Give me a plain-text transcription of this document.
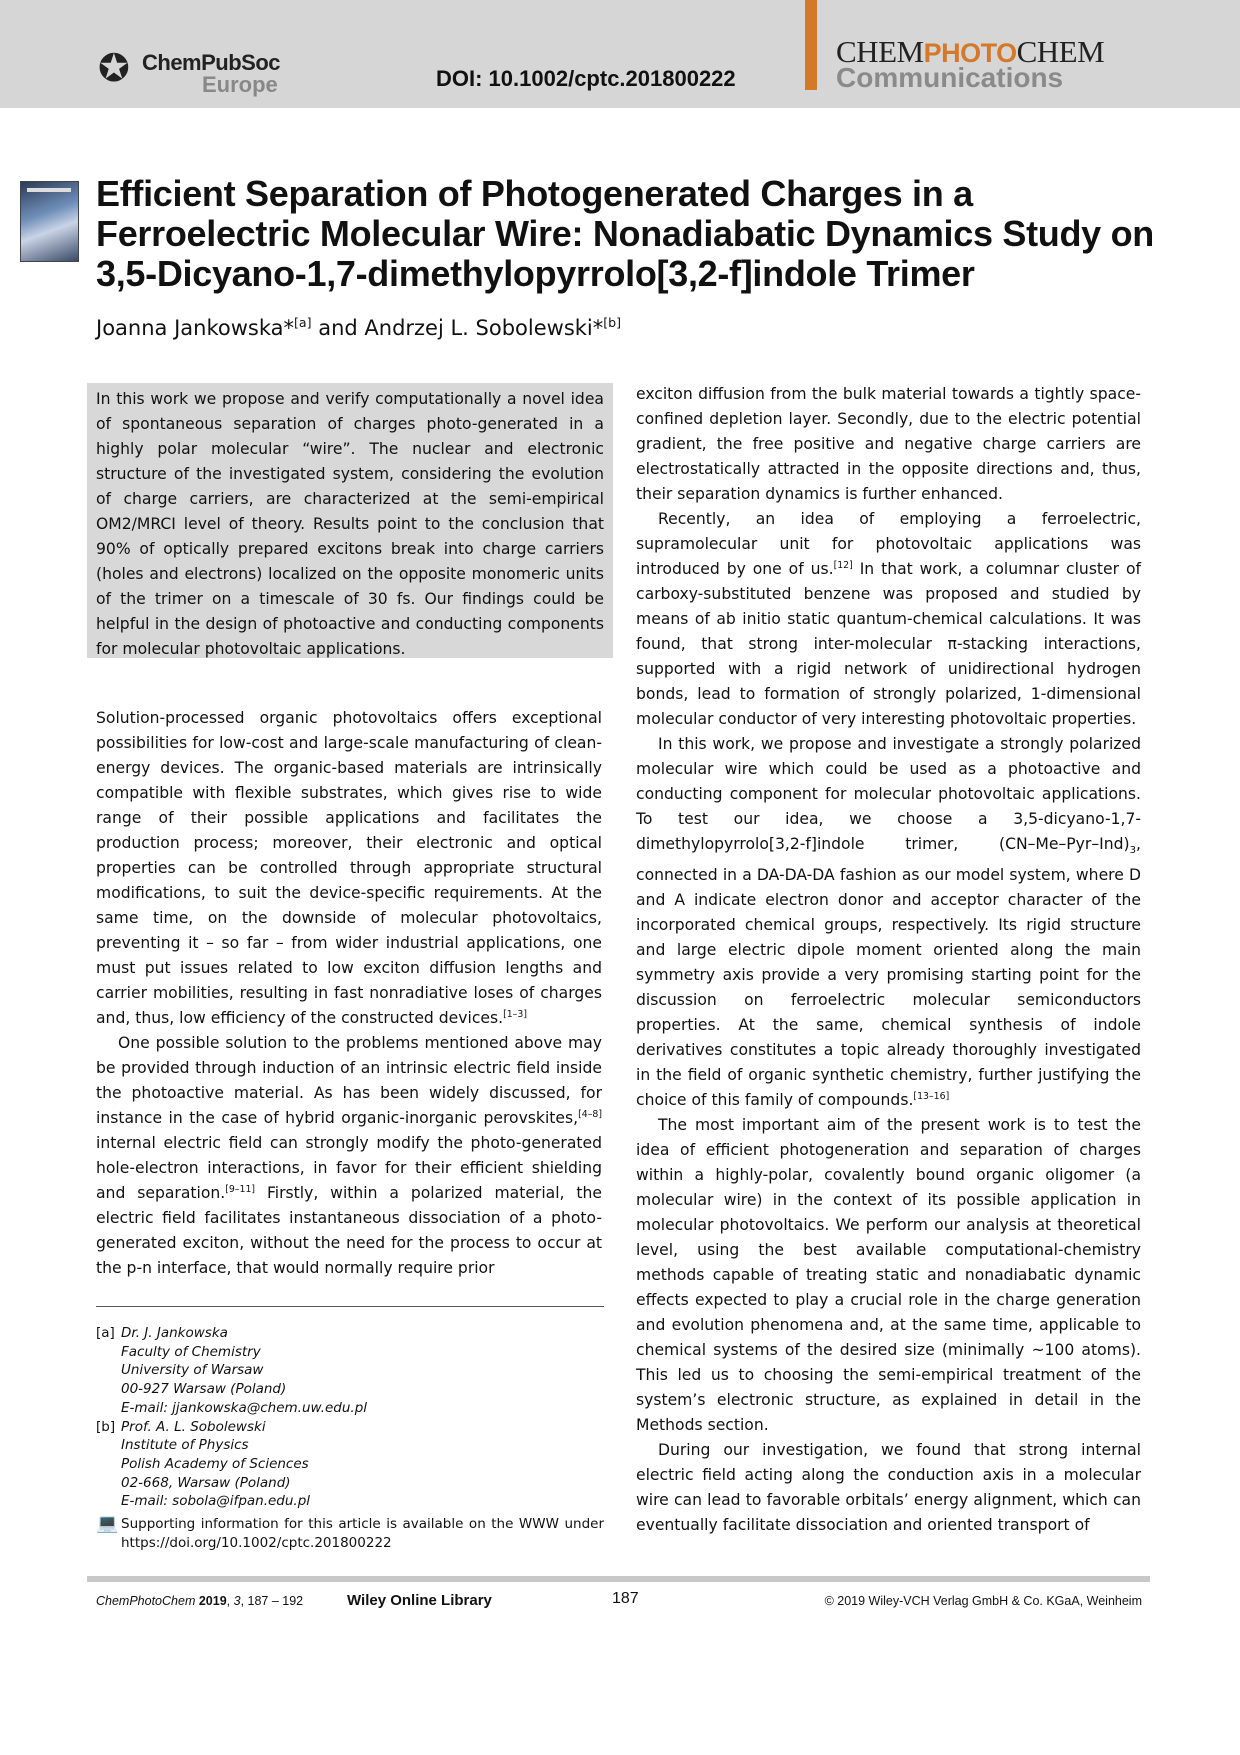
✪ ChemPubSoc
Europe	DOI: 10.1002/cptc.201800222
CHEMPHOTOCHEM
Communications
Efficient Separation of Photogenerated Charges in a Ferroelectric Molecular Wire: Nonadiabatic Dynamics Study on 3,5-Dicyano-1,7-dimethylopyrrolo[3,2-f]indole Trimer
Joanna Jankowska*[a] and Andrzej L. Sobolewski*[b]
In this work we propose and verify computationally a novel idea of spontaneous separation of charges photo-generated in a highly polar molecular “wire”. The nuclear and electronic structure of the investigated system, considering the evolution of charge carriers, are characterized at the semi-empirical OM2/MRCI level of theory. Results point to the conclusion that 90% of optically prepared excitons break into charge carriers (holes and electrons) localized on the opposite monomeric units of the trimer on a timescale of 30 fs. Our findings could be helpful in the design of photoactive and conducting components for molecular photovoltaic applications.

Solution-processed organic photovoltaics offers exceptional possibilities for low-cost and large-scale manufacturing of clean-energy devices. The organic-based materials are intrinsically compatible with flexible substrates, which gives rise to wide range of their possible applications and facilitates the production process; moreover, their electronic and optical properties can be controlled through appropriate structural modifications, to suit the device-specific requirements. At the same time, on the downside of molecular photovoltaics, preventing it – so far – from wider industrial applications, one must put issues related to low exciton diffusion lengths and carrier mobilities, resulting in fast nonradiative loses of charges and, thus, low efficiency of the constructed devices.[1–3]

One possible solution to the problems mentioned above may be provided through induction of an intrinsic electric field inside the photoactive material. As has been widely discussed, for instance in the case of hybrid organic-inorganic perovskites,[4–8] internal electric field can strongly modify the photo-generated hole-electron interactions, in favor for their efficient shielding and separation.[9–11] Firstly, within a polarized material, the electric field facilitates instantaneous dissociation of a photo-generated exciton, without the need for the process to occur at the p-n interface, that would normally require prior

exciton diffusion from the bulk material towards a tightly space-confined depletion layer. Secondly, due to the electric potential gradient, the free positive and negative charge carriers are electrostatically attracted in the opposite directions and, thus, their separation dynamics is further enhanced.

Recently, an idea of employing a ferroelectric, supramolecular unit for photovoltaic applications was introduced by one of us.[12] In that work, a columnar cluster of carboxy-substituted benzene was proposed and studied by means of ab initio static quantum-chemical calculations. It was found, that strong inter-molecular π-stacking interactions, supported with a rigid network of unidirectional hydrogen bonds, lead to formation of strongly polarized, 1-dimensional molecular conductor of very interesting photovoltaic properties.

In this work, we propose and investigate a strongly polarized molecular wire which could be used as a photoactive and conducting component for molecular photovoltaic applications. To test our idea, we choose a 3,5-dicyano-1,7-dimethylopyrrolo[3,2-f]indole trimer, $(CN-Me-Pyr-Ind)_3$, connected in a DA-DA-DA fashion as our model system, where D and A indicate electron donor and acceptor character of the incorporated chemical groups, respectively. Its rigid structure and large electric dipole moment oriented along the main symmetry axis provide a very promising starting point for the discussion on ferroelectric molecular semiconductors properties. At the same, chemical synthesis of indole derivatives constitutes a topic already thoroughly investigated in the field of organic synthetic chemistry, further justifying the choice of this family of compounds.[13–16]

The most important aim of the present work is to test the idea of efficient photogeneration and separation of charges within a highly-polar, covalently bound organic oligomer (a molecular wire) in the context of its possible application in molecular photovoltaics. We perform our analysis at theoretical level, using the best available computational-chemistry methods capable of treating static and nonadiabatic dynamic effects expected to play a crucial role in the charge generation and evolution phenomena and, at the same time, applicable to chemical systems of the desired size (minimally ~100 atoms). This led us to choosing the semi-empirical treatment of the system’s electronic structure, as explained in detail in the Methods section.

During our investigation, we found that strong internal electric field acting along the conduction axis in a molecular wire can lead to favorable orbitals’ energy alignment, which can eventually facilitate dissociation and oriented transport of

[a] Dr. J. Jankowska
Faculty of Chemistry
University of Warsaw
00-927 Warsaw (Poland)
E-mail: jjankowska@chem.uw.edu.pl
[b] Prof. A. L. Sobolewski
Institute of Physics
Polish Academy of Sciences
02-668, Warsaw (Poland)
E-mail: sobola@ifpan.edu.pl
💻 Supporting information for this article is available on the WWW under https://doi.org/10.1002/cptc.201800222
ChemPhotoChem 2019, 3, 187 – 192	Wiley Online Library	187	© 2019 Wiley-VCH Verlag GmbH & Co. KGaA, Weinheim
